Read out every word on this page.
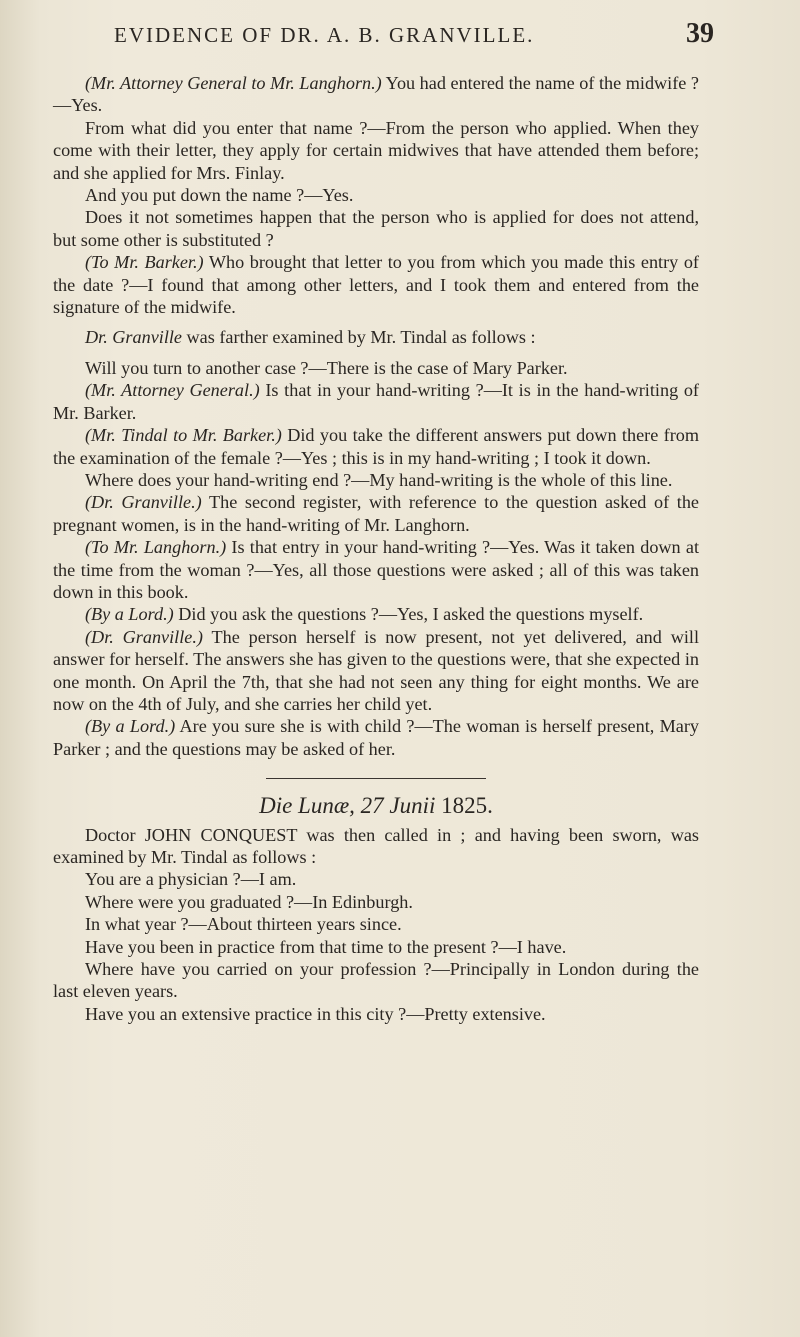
EVIDENCE OF DR. A. B. GRANVILLE.	39

(Mr. Attorney General to Mr. Langhorn.) You had entered the name of the midwife ?—Yes.

From what did you enter that name ?—From the person who applied. When they come with their letter, they apply for certain midwives that have attended them before; and she applied for Mrs. Finlay.

And you put down the name ?—Yes.

Does it not sometimes happen that the person who is applied for does not attend, but some other is substituted ?

(To Mr. Barker.) Who brought that letter to you from which you made this entry of the date ?—I found that among other letters, and I took them and entered from the signature of the midwife.

Dr. Granville was farther examined by Mr. Tindal as follows :

Will you turn to another case ?—There is the case of Mary Parker.

(Mr. Attorney General.) Is that in your hand-writing ?—It is in the hand-writing of Mr. Barker.

(Mr. Tindal to Mr. Barker.) Did you take the different answers put down there from the examination of the female ?—Yes ; this is in my hand-writing ; I took it down.

Where does your hand-writing end ?—My hand-writing is the whole of this line.

(Dr. Granville.) The second register, with reference to the question asked of the pregnant women, is in the hand-writing of Mr. Langhorn.

(To Mr. Langhorn.) Is that entry in your hand-writing ?—Yes. Was it taken down at the time from the woman ?—Yes, all those questions were asked ; all of this was taken down in this book.

(By a Lord.) Did you ask the questions ?—Yes, I asked the questions myself.

(Dr. Granville.) The person herself is now present, not yet delivered, and will answer for herself. The answers she has given to the questions were, that she expected in one month. On April the 7th, that she had not seen any thing for eight months. We are now on the 4th of July, and she carries her child yet.

(By a Lord.) Are you sure she is with child ?—The woman is herself present, Mary Parker ; and the questions may be asked of her.

Die Lunæ, 27 Junii 1825.

Doctor JOHN CONQUEST was then called in ; and having been sworn, was examined by Mr. Tindal as follows :

You are a physician ?—I am.

Where were you graduated ?—In Edinburgh.

In what year ?—About thirteen years since.

Have you been in practice from that time to the present ?—I have.

Where have you carried on your profession ?—Principally in London during the last eleven years.

Have you an extensive practice in this city ?—Pretty extensive.
